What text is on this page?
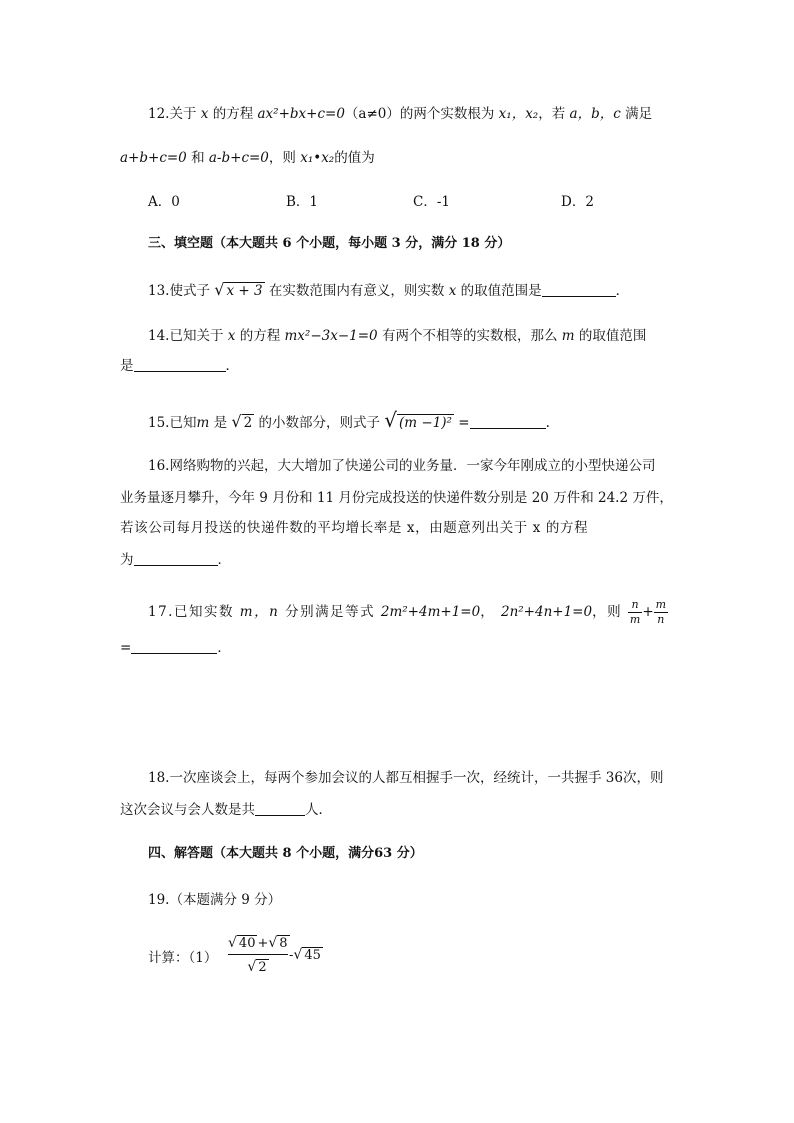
12.关于 x 的方程 ax²+bx+c=0（a≠0）的两个实数根为 x₁，x₂，若 a，b，c 满足
a+b+c=0 和 a-b+c=0，则 x₁•x₂的值为
A．0	B．1	C．-1	D．2
三、填空题（本大题共 6 个小题，每小题 3 分，满分 18 分）
13.使式子 √ x + 3 在实数范围内有意义，则实数 x 的取值范围是	．
14.已知关于 x 的方程 mx²−3x−1=0 有两个不相等的实数根，那么 m 的取值范围
是	．
15.已知m 是 √ 2 的小数部分，则式子 √ (m −1)² =	.
16.网络购物的兴起，大大增加了快递公司的业务量．一家今年刚成立的小型快递公司
业务量逐月攀升，今年 9 月份和 11 月份完成投送的快递件数分别是 20 万件和 24.2 万件，
若该公司每月投送的快递件数的平均增长率是 x，由题意列出关于 x 的方程
为	．
17.已知实数 m，n 分别满足等式 2m²+4m+1=0， 2n²+4n+1=0，则 $\frac{n}{m} + \frac{m}{n}$
=	．
18.一次座谈会上，每两个参加会议的人都互相握手一次，经统计，一共握手 36次，则
这次会议与会人数是共	人．
四、解答题（本大题共 8 个小题，满分63 分）
19.（本题满分 9 分）
计算：（1）
√ 40 +√ 8
√ 2
-√ 45
